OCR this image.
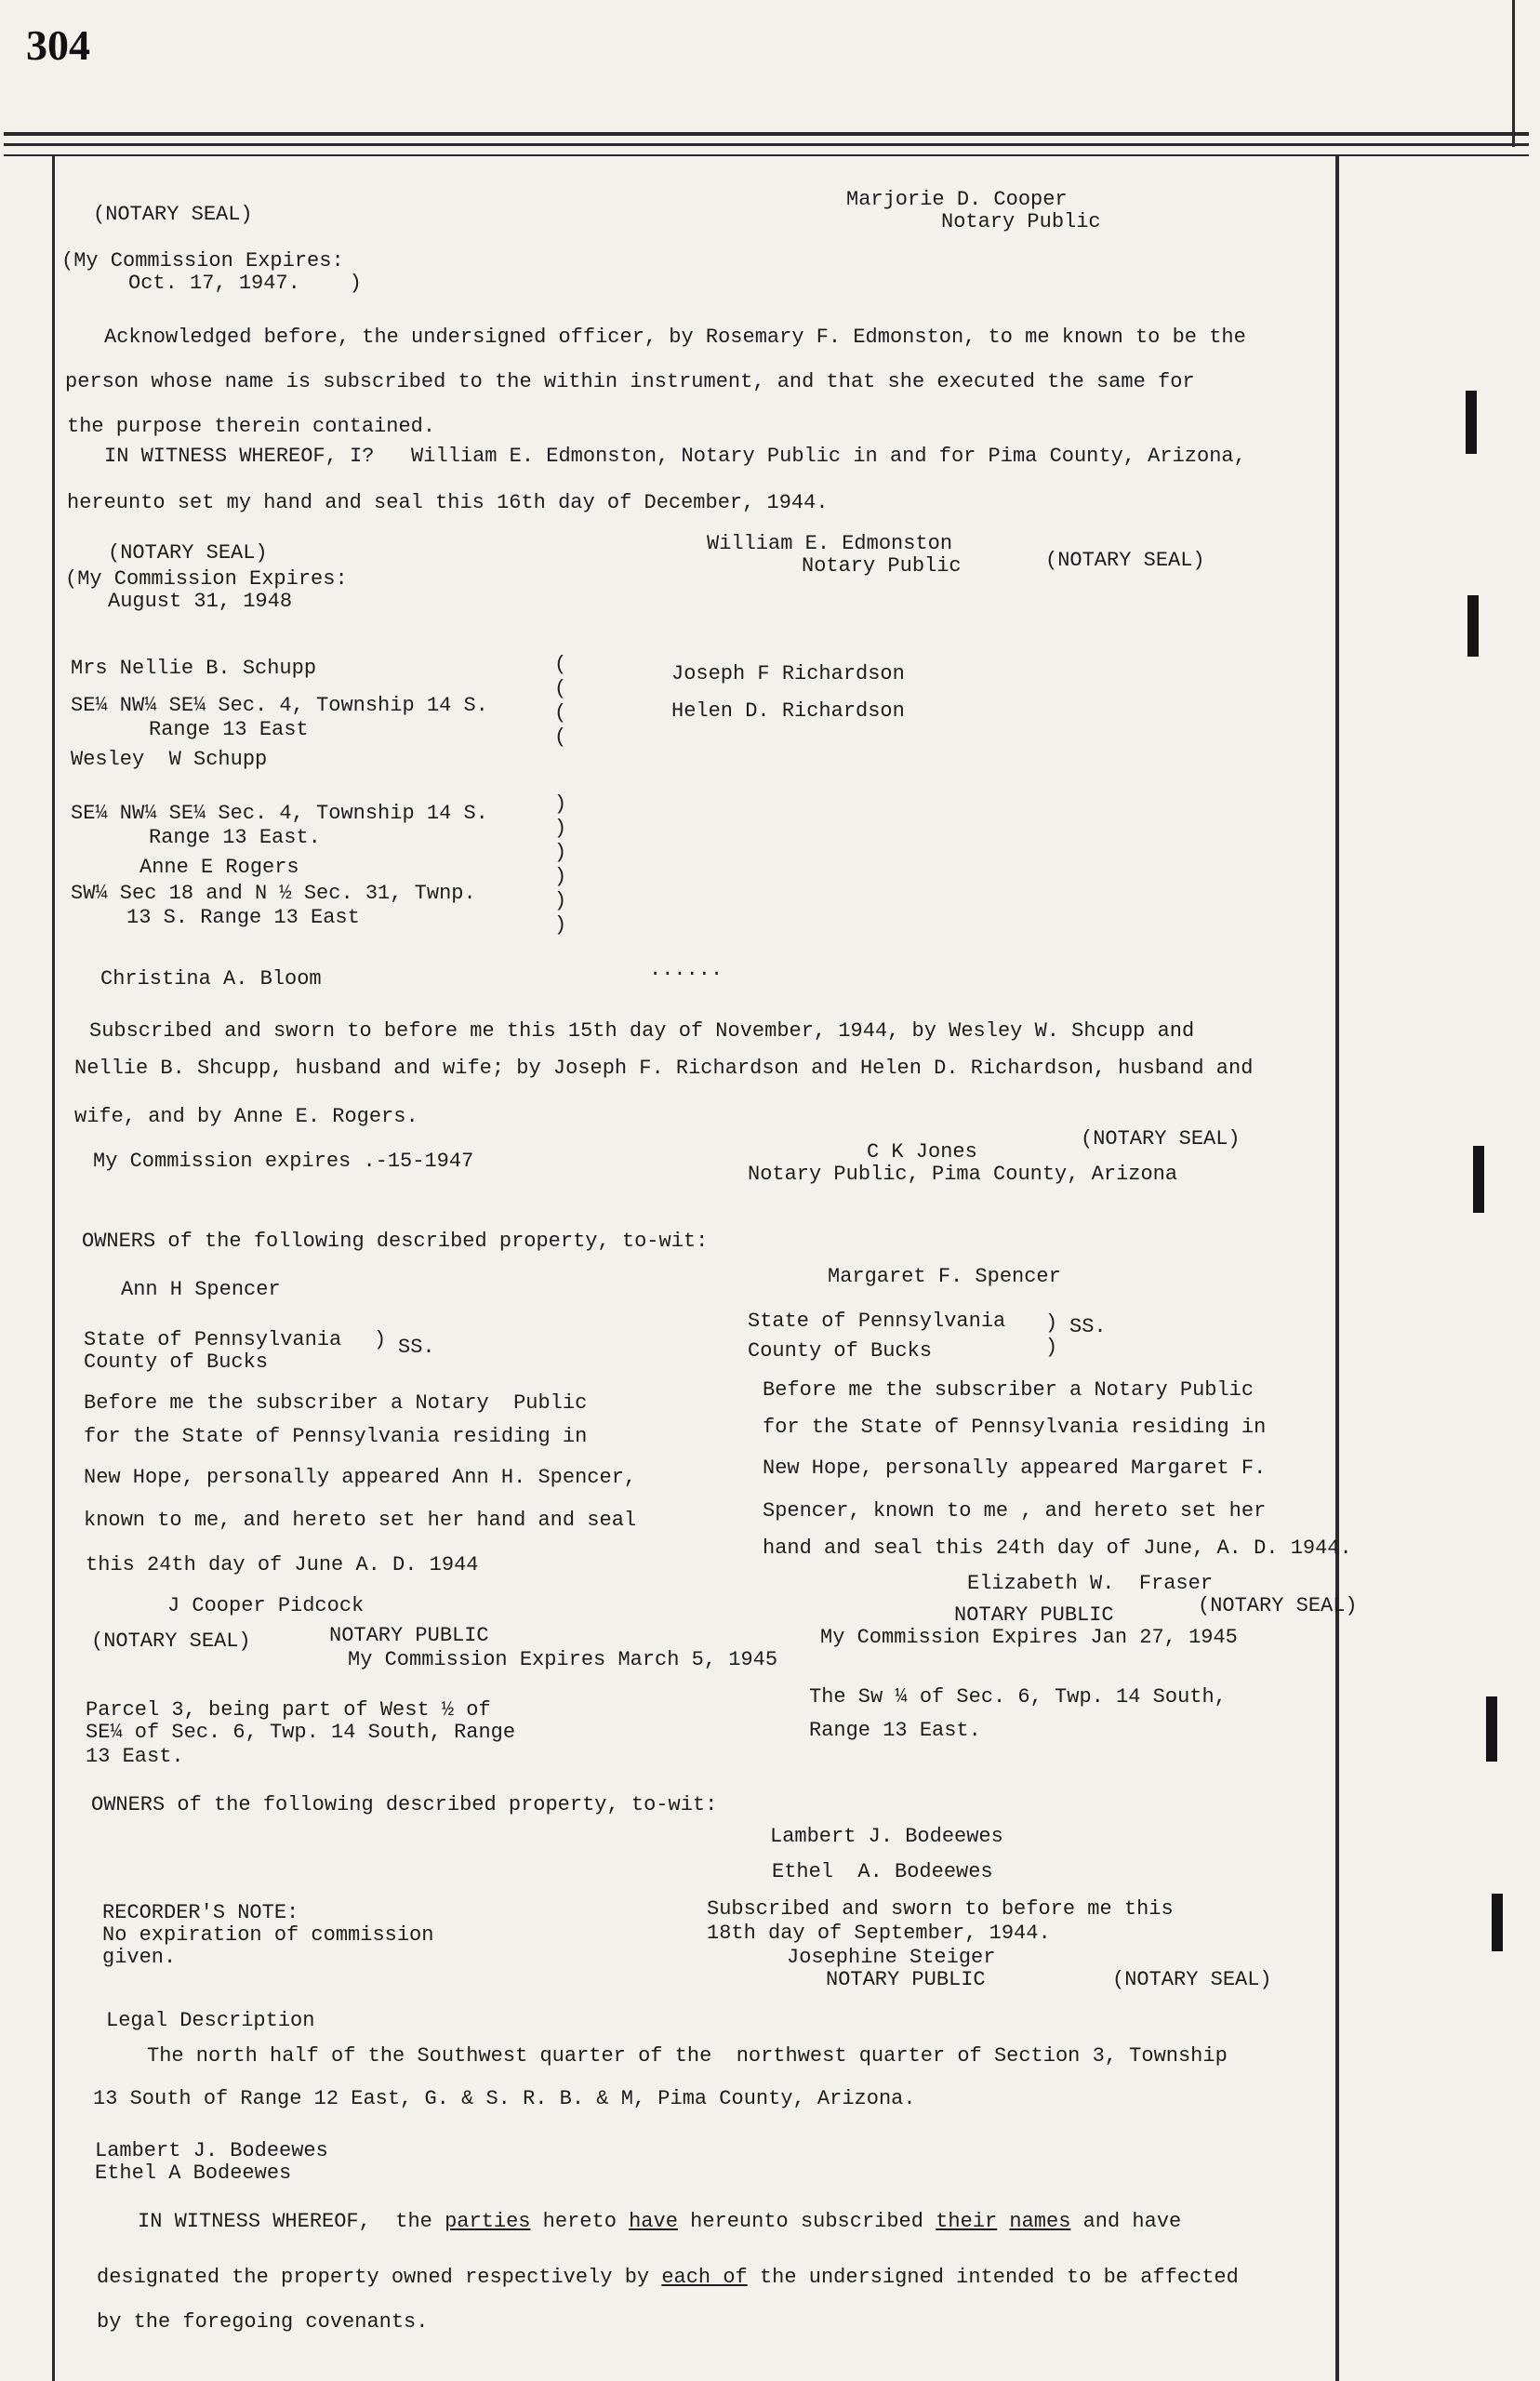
304
(NOTARY SEAL)
Marjorie D. Cooper
Notary Public
(My Commission Expires:
Oct. 17, 1947.    )
Acknowledged before, the undersigned officer, by Rosemary F. Edmonston, to me known to be the
person whose name is subscribed to the within instrument, and that she executed the same for
the purpose therein contained.
IN WITNESS WHEREOF, I?   William E. Edmonston, Notary Public in and for Pima County, Arizona,
hereunto set my hand and seal this 16th day of December, 1944.
(NOTARY SEAL)	William E. Edmonston
Notary Public	(NOTARY SEAL)
(My Commission Expires:
August 31, 1948
Mrs Nellie B. Schupp
SE¼ NW¼ SE¼ Sec. 4, Township 14 S.
Range 13 East
Wesley  W Schupp
(
(
(
(
Joseph F Richardson
Helen D. Richardson
SE¼ NW¼ SE¼ Sec. 4, Township 14 S.
Range 13 East.
Anne E Rogers
SW¼ Sec 18 and N ½ Sec. 31, Twnp.
13 S. Range 13 East
)
)
)
)
)
)
Christina A. Bloom	......
Subscribed and sworn to before me this 15th day of November, 1944, by Wesley W. Shcupp and
Nellie B. Shcupp, husband and wife; by Joseph F. Richardson and Helen D. Richardson, husband and
wife, and by Anne E. Rogers.
My Commission expires .-15-1947	C K Jones
(NOTARY SEAL)
Notary Public, Pima County, Arizona
OWNERS of the following described property, to-wit:
Margaret F. Spencer
Ann H Spencer
State of Pennsylvania
County of Bucks
) SS.
State of Pennsylvania
County of Bucks
)
)
SS.
Before me the subscriber a Notary  Public
for the State of Pennsylvania residing in
New Hope, personally appeared Ann H. Spencer,
known to me, and hereto set her hand and seal
this 24th day of June A. D. 1944
Before me the subscriber a Notary Public
for the State of Pennsylvania residing in
New Hope, personally appeared Margaret F.
Spencer, known to me , and hereto set her
hand and seal this 24th day of June, A. D. 1944.
J Cooper Pidcock
(NOTARY SEAL)	NOTARY PUBLIC
My Commission Expires March 5, 1945
Elizabeth W.  Fraser
NOTARY PUBLIC	(NOTARY SEAL)
My Commission Expires Jan 27, 1945
Parcel 3, being part of West ½ of
SE¼ of Sec. 6, Twp. 14 South, Range
13 East.
The Sw ¼ of Sec. 6, Twp. 14 South,
Range 13 East.
OWNERS of the following described property, to-wit:
Lambert J. Bodeewes
Ethel  A. Bodeewes
RECORDER'S NOTE:
No expiration of commission
given.
Subscribed and sworn to before me this
18th day of September, 1944.
Josephine Steiger
NOTARY PUBLIC	(NOTARY SEAL)
Legal Description
The north half of the Southwest quarter of the  northwest quarter of Section 3, Township
13 South of Range 12 East, G. & S. R. B. & M, Pima County, Arizona.
Lambert J. Bodeewes
Ethel A Bodeewes
IN WITNESS WHEREOF,  the parties hereto have hereunto subscribed their names and have
designated the property owned respectively by each of the undersigned intended to be affected
by the foregoing covenants.
